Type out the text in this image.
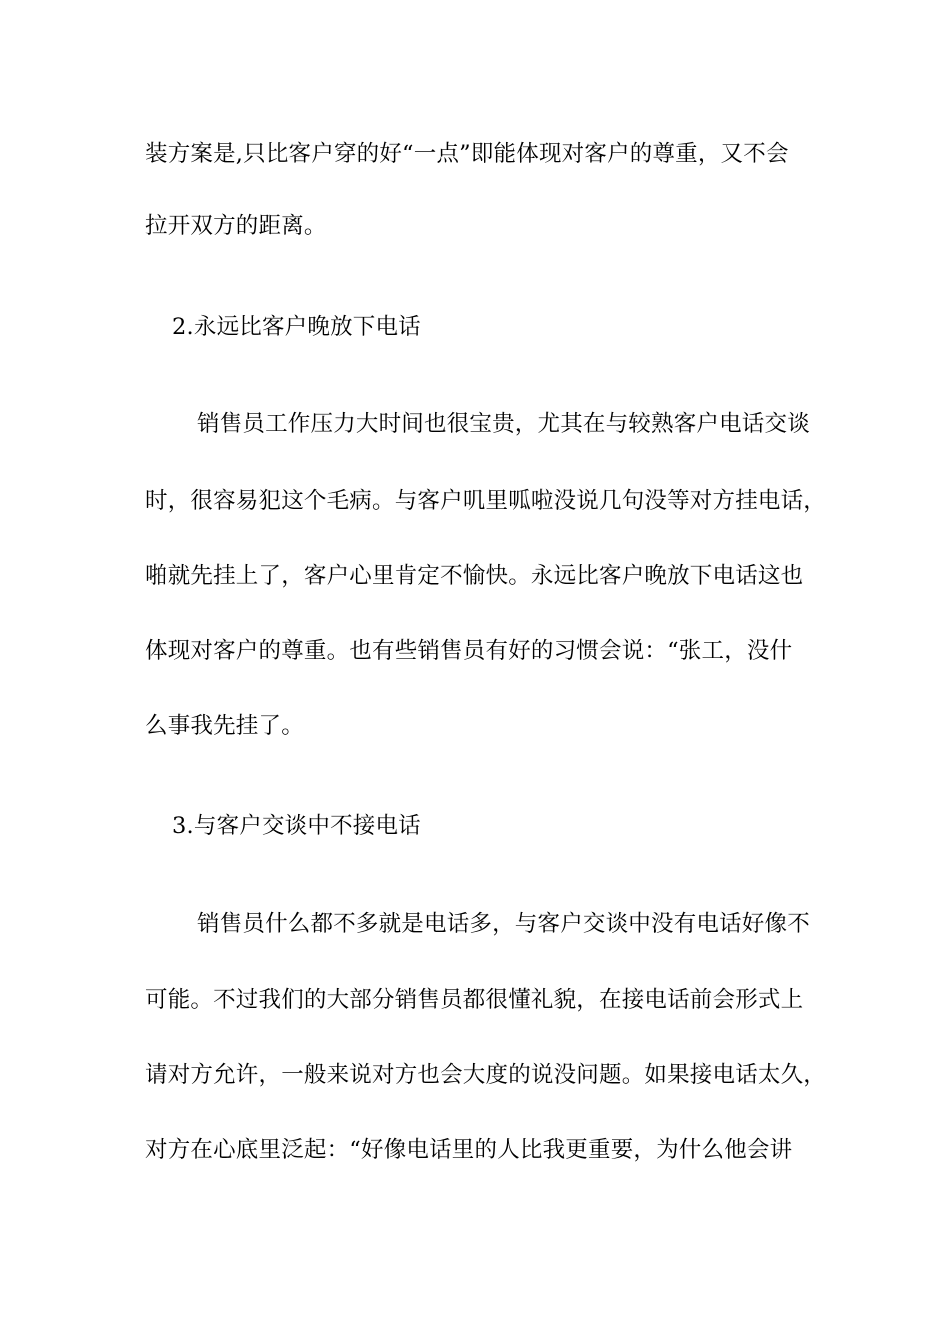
装方案是,只比客户穿的好“一点”即能体现对客户的尊重，又不会
拉开双方的距离。
2.永远比客户晚放下电话
销售员工作压力大时间也很宝贵，尤其在与较熟客户电话交谈
时，很容易犯这个毛病。与客户叽里呱啦没说几句没等对方挂电话，
啪就先挂上了，客户心里肯定不愉快。永远比客户晚放下电话这也
体现对客户的尊重。也有些销售员有好的习惯会说：“张工，没什
么事我先挂了。
3.与客户交谈中不接电话
销售员什么都不多就是电话多，与客户交谈中没有电话好像不
可能。不过我们的大部分销售员都很懂礼貌，在接电话前会形式上
请对方允许，一般来说对方也会大度的说没问题。如果接电话太久，
对方在心底里泛起：“好像电话里的人比我更重要，为什么他会讲
